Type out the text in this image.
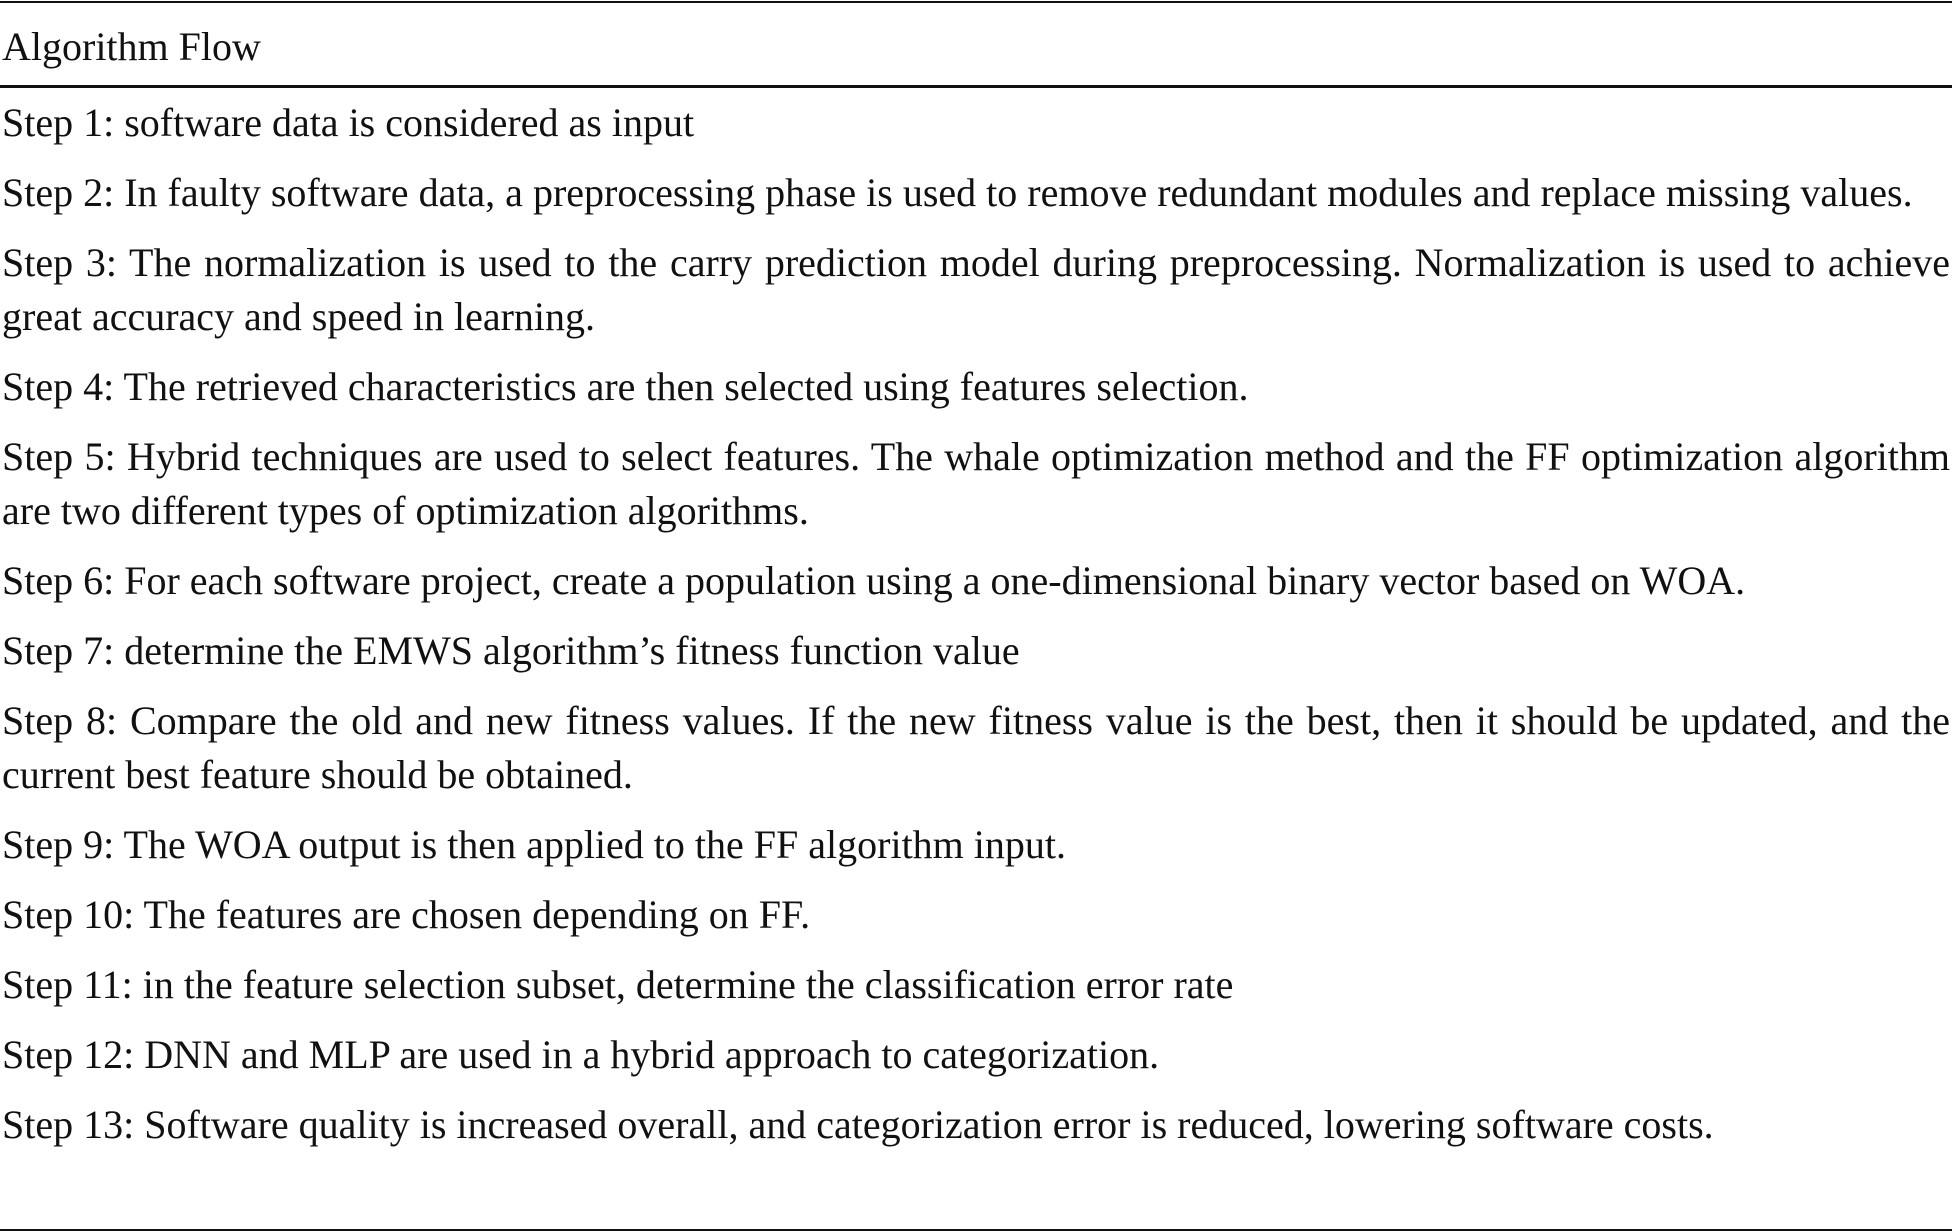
Algorithm Flow
Step 1: software data is considered as input
Step 2: In faulty software data, a preprocessing phase is used to remove redundant modules and replace missing values.
Step 3: The normalization is used to the carry prediction model during preprocessing. Normalization is used to achieve great accuracy and speed in learning.
Step 4: The retrieved characteristics are then selected using features selection.
Step 5: Hybrid techniques are used to select features. The whale optimization method and the FF optimization algorithm are two different types of optimization algorithms.
Step 6: For each software project, create a population using a one-dimensional binary vector based on WOA.
Step 7: determine the EMWS algorithm’s fitness function value
Step 8: Compare the old and new fitness values. If the new fitness value is the best, then it should be updated, and the current best feature should be obtained.
Step 9: The WOA output is then applied to the FF algorithm input.
Step 10: The features are chosen depending on FF.
Step 11: in the feature selection subset, determine the classification error rate
Step 12: DNN and MLP are used in a hybrid approach to categorization.
Step 13: Software quality is increased overall, and categorization error is reduced, lowering software costs.
